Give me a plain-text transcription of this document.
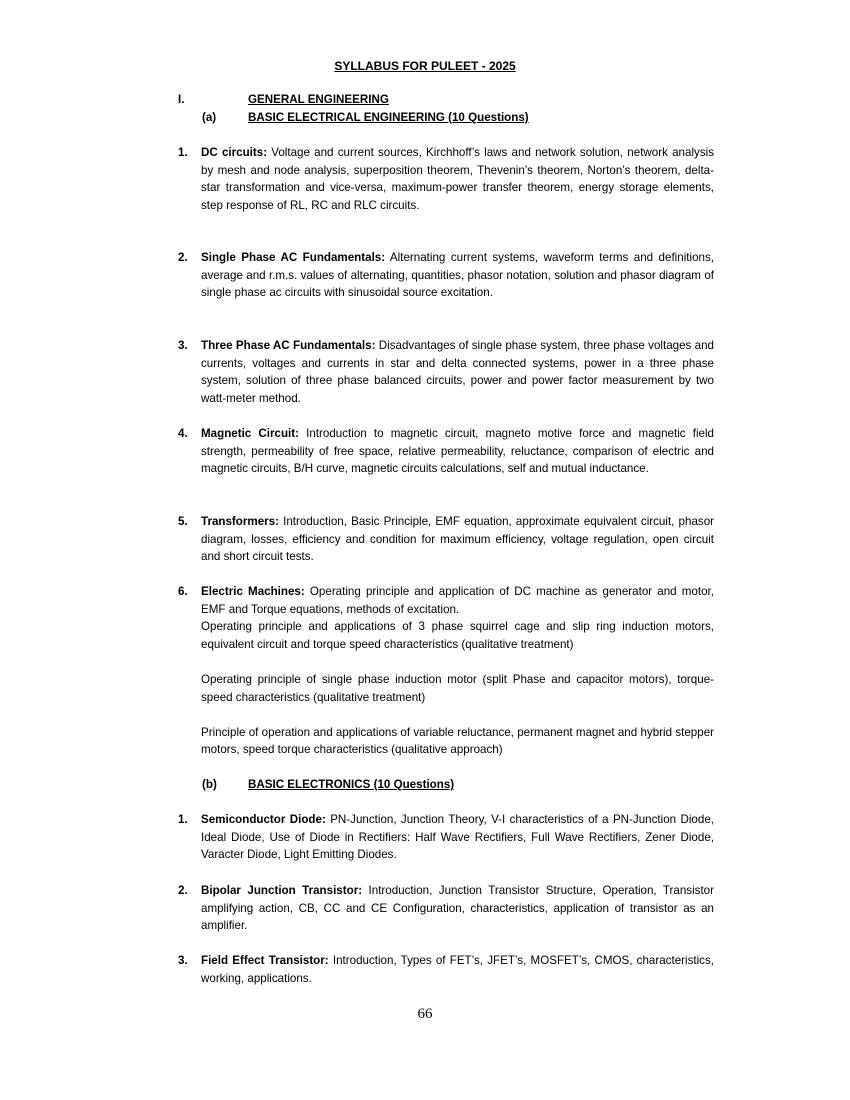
SYLLABUS FOR PULEET - 2025
I.	GENERAL ENGINEERING
(a)	BASIC ELECTRICAL ENGINEERING (10 Questions)
1. DC circuits: Voltage and current sources, Kirchhoff’s laws and network solution, network analysis by mesh and node analysis, superposition theorem, Thevenin’s theorem, Norton’s theorem, delta-star transformation and vice-versa, maximum-power transfer theorem, energy storage elements, step response of RL, RC and RLC circuits.
2. Single Phase AC Fundamentals: Alternating current systems, waveform terms and definitions, average and r.m.s. values of alternating, quantities, phasor notation, solution and phasor diagram of single phase ac circuits with sinusoidal source excitation.
3. Three Phase AC Fundamentals: Disadvantages of single phase system, three phase voltages and currents, voltages and currents in star and delta connected systems, power in a three phase system, solution of three phase balanced circuits, power and power factor measurement by two watt-meter method.
4. Magnetic Circuit: Introduction to magnetic circuit, magneto motive force and magnetic field strength, permeability of free space, relative permeability, reluctance, comparison of electric and magnetic circuits, B/H curve, magnetic circuits calculations, self and mutual inductance.
5. Transformers: Introduction, Basic Principle, EMF equation, approximate equivalent circuit, phasor diagram, losses, efficiency and condition for maximum efficiency, voltage regulation, open circuit and short circuit tests.
6. Electric Machines: Operating principle and application of DC machine as generator and motor, EMF and Torque equations, methods of excitation.

Operating principle and applications of 3 phase squirrel cage and slip ring induction motors, equivalent circuit and torque speed characteristics (qualitative treatment)

Operating principle of single phase induction motor (split Phase and capacitor motors), torque-speed characteristics (qualitative treatment)

Principle of operation and applications of variable reluctance, permanent magnet and hybrid stepper motors, speed torque characteristics (qualitative approach)

(b)	BASIC ELECTRONICS (10 Questions)
1. Semiconductor Diode: PN-Junction, Junction Theory, V-I characteristics of a PN-Junction Diode, Ideal Diode, Use of Diode in Rectifiers: Half Wave Rectifiers, Full Wave Rectifiers, Zener Diode, Varacter Diode, Light Emitting Diodes.
2. Bipolar Junction Transistor: Introduction, Junction Transistor Structure, Operation, Transistor amplifying action, CB, CC and CE Configuration, characteristics, application of transistor as an amplifier.
3. Field Effect Transistor: Introduction, Types of FET’s, JFET’s, MOSFET’s, CMOS, characteristics, working, applications.
66
